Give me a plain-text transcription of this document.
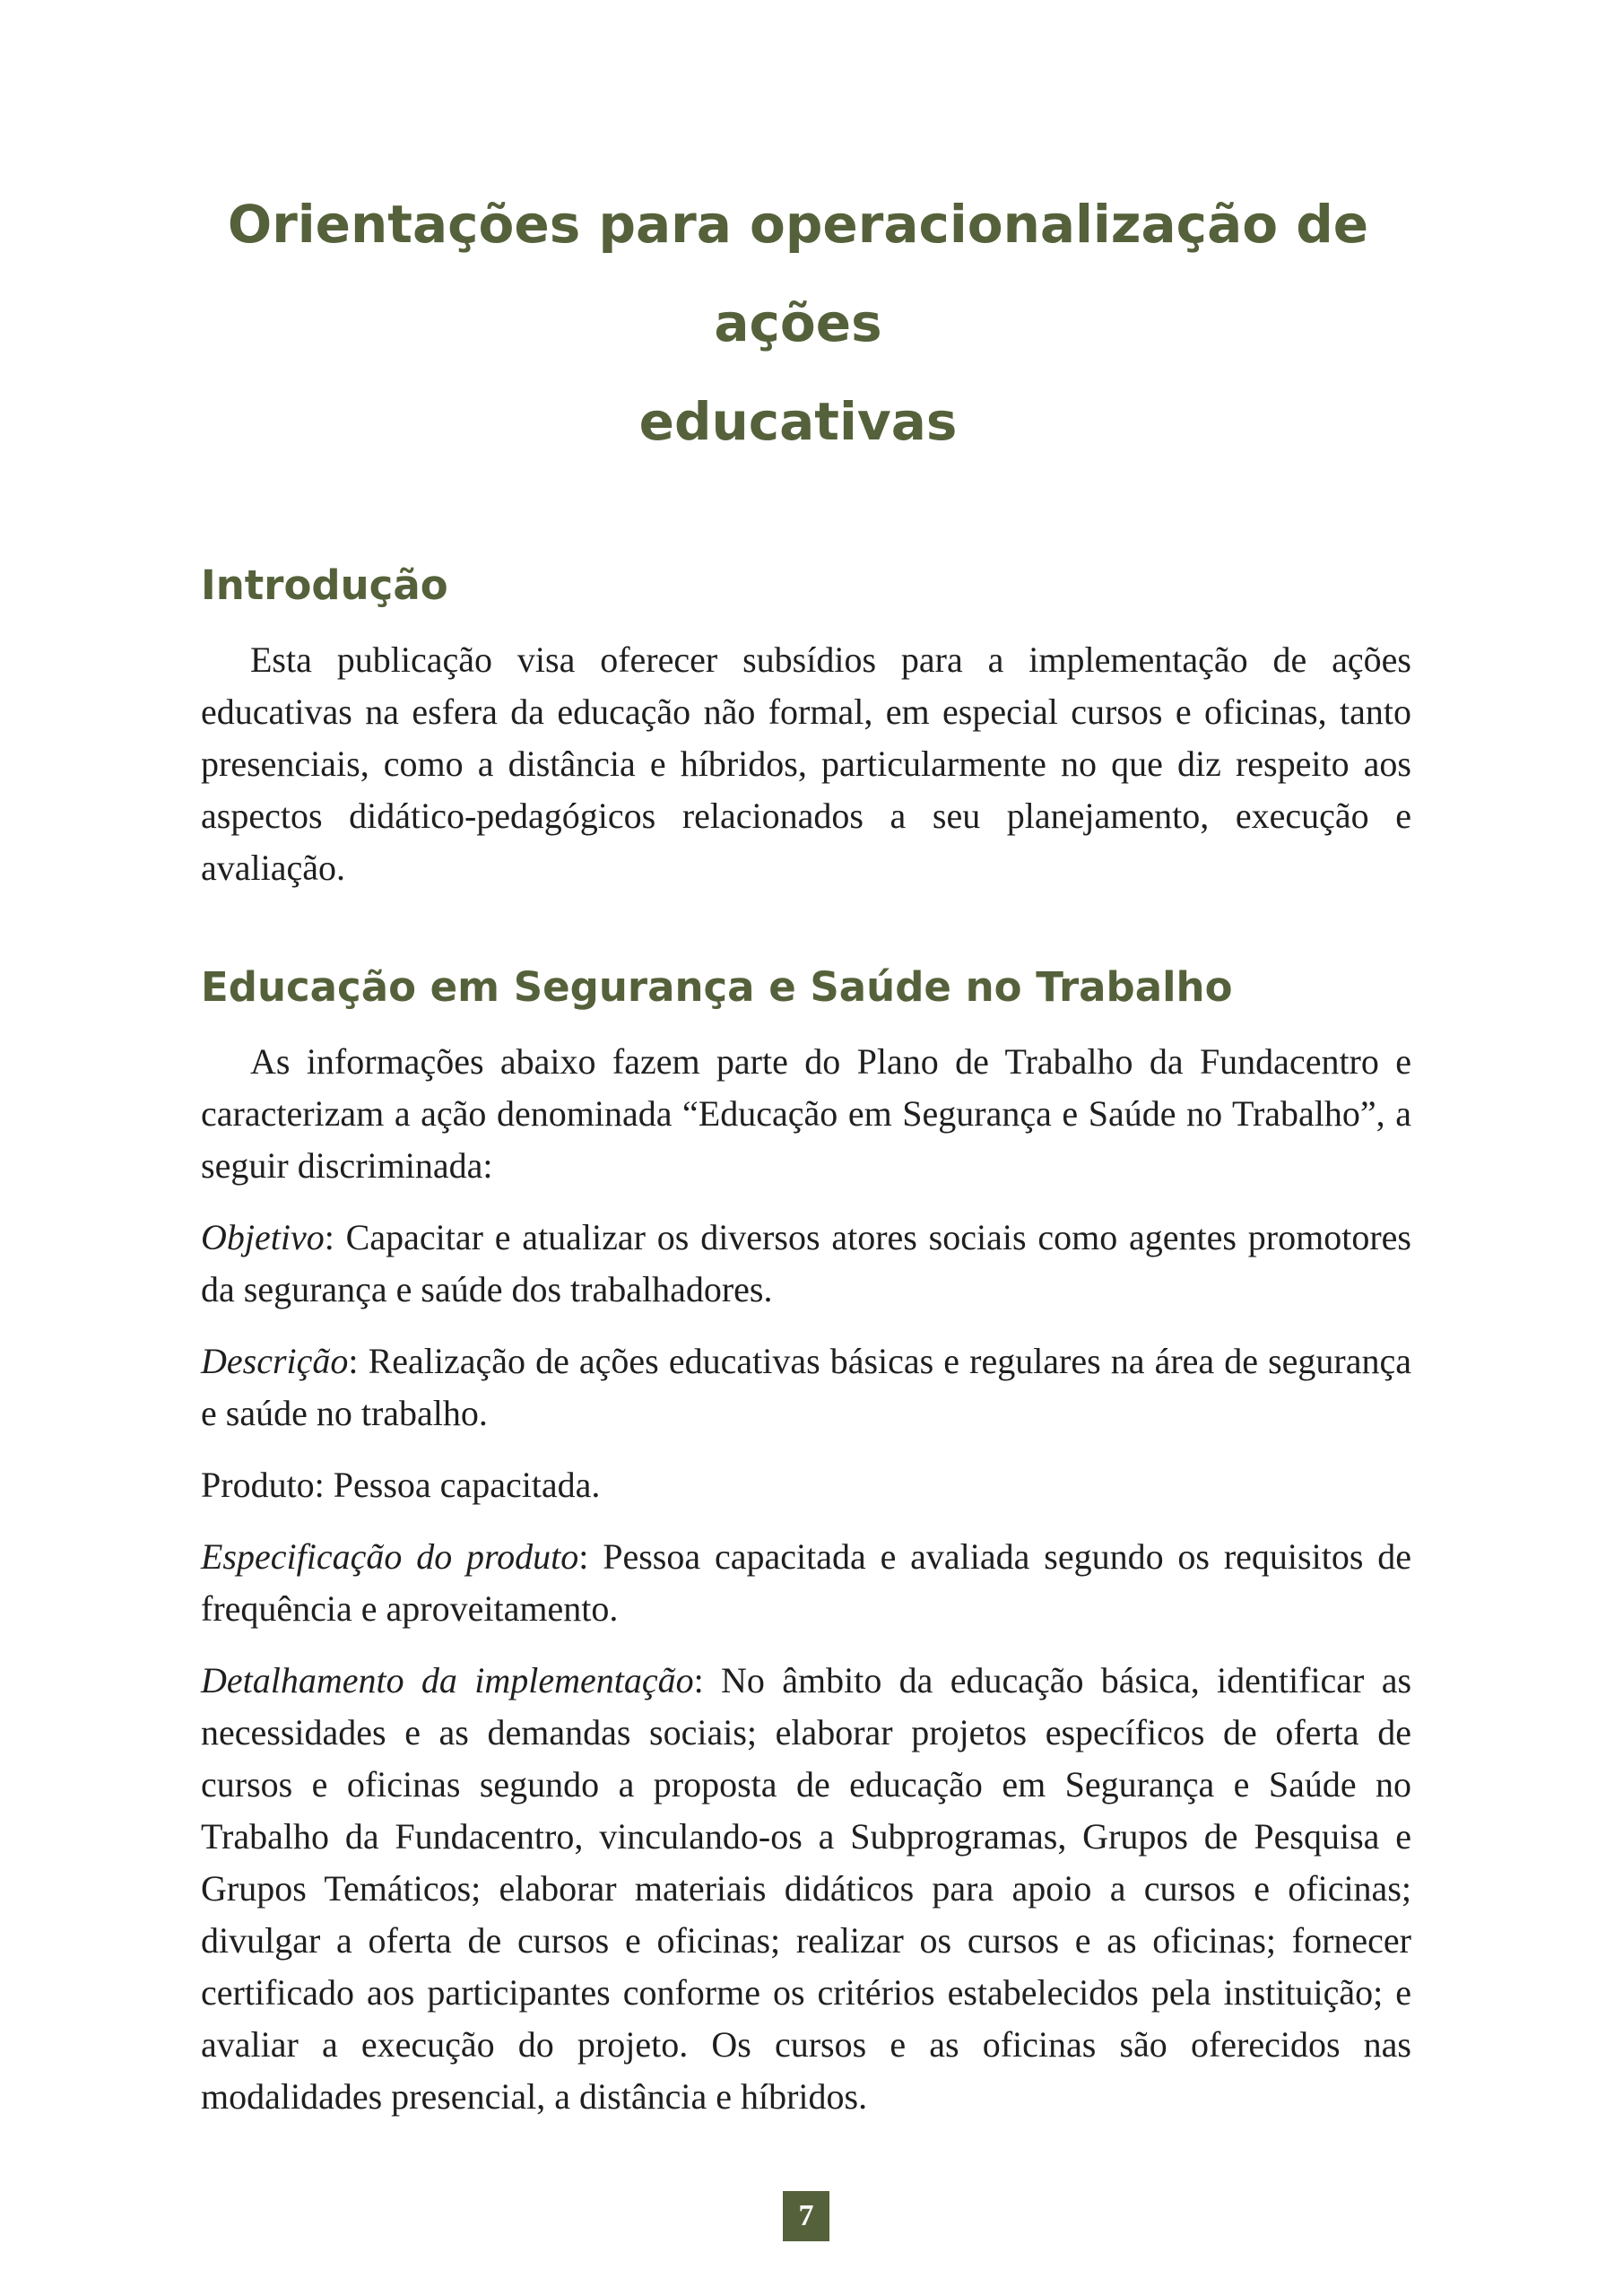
Orientações para operacionalização de ações
educativas
Introdução

Esta publicação visa oferecer subsídios para a implementação de ações educativas na esfera da educação não formal, em especial cursos e oficinas, tanto presenciais, como a distância e híbridos, particularmente no que diz respeito aos aspectos didático-pedagógicos relacionados a seu planejamento, execução e avaliação.

Educação em Segurança e Saúde no Trabalho

As informações abaixo fazem parte do Plano de Trabalho da Fundacentro e caracterizam a ação denominada “Educação em Segurança e Saúde no Trabalho”, a seguir discriminada:

Objetivo: Capacitar e atualizar os diversos atores sociais como agentes promotores da segurança e saúde dos trabalhadores.

Descrição: Realização de ações educativas básicas e regulares na área de segurança e saúde no trabalho.

Produto: Pessoa capacitada.

Especificação do produto: Pessoa capacitada e avaliada segundo os requisitos de frequência e aproveitamento.

Detalhamento da implementação: No âmbito da educação básica, identificar as necessidades e as demandas sociais; elaborar projetos específicos de oferta de cursos e oficinas segundo a proposta de educação em Segurança e Saúde no Trabalho da Fundacentro, vinculando-os a Subprogramas, Grupos de Pesquisa e Grupos Temáticos; elaborar materiais didáticos para apoio a cursos e oficinas; divulgar a oferta de cursos e oficinas; realizar os cursos e as oficinas; fornecer certificado aos participantes conforme os critérios estabelecidos pela instituição; e avaliar a execução do projeto. Os cursos e as oficinas são oferecidos nas modalidades presencial, a distância e híbridos.

7
